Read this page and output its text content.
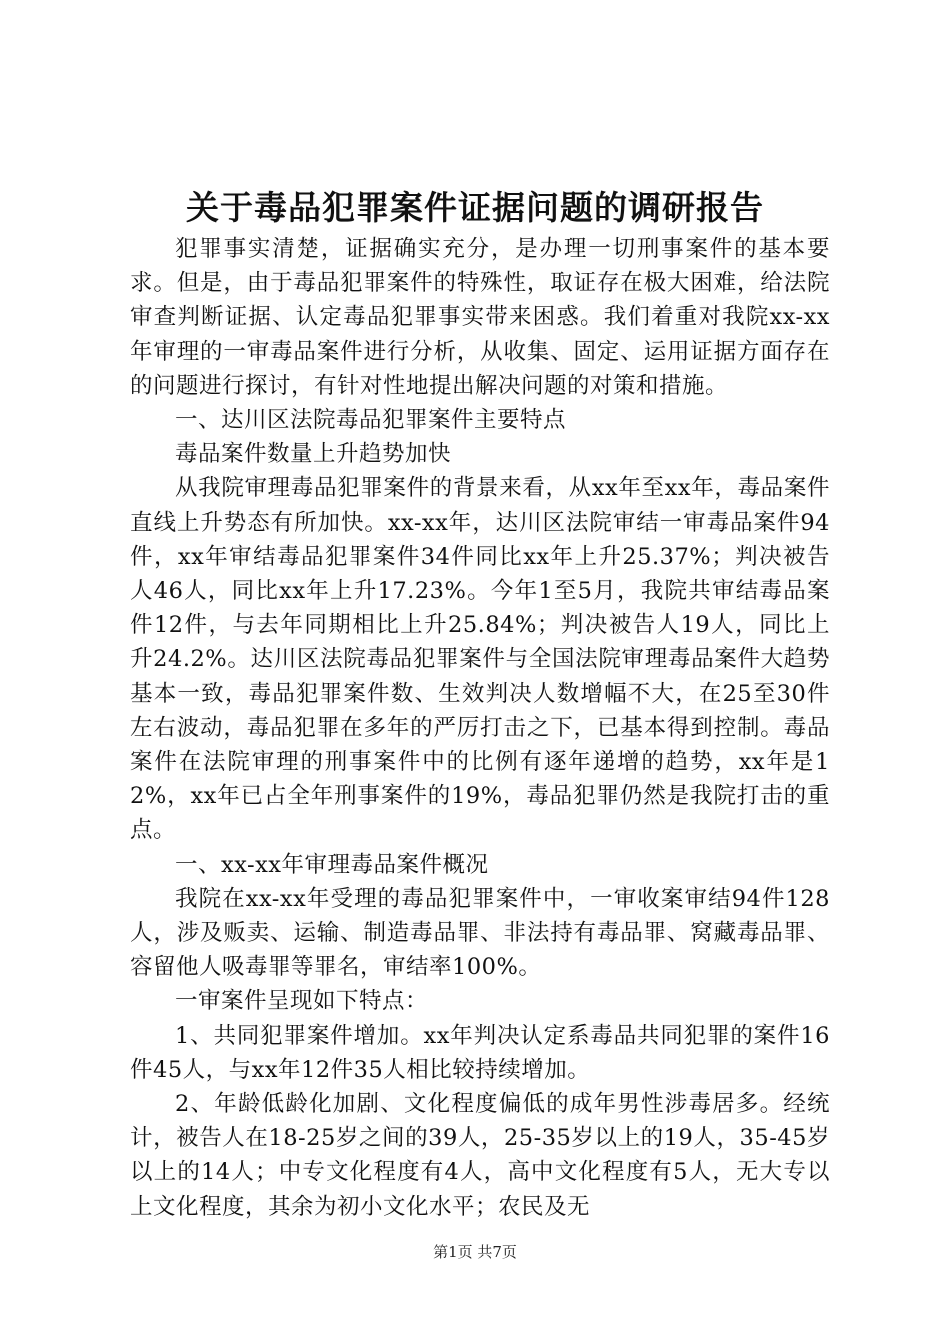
关于毒品犯罪案件证据问题的调研报告

犯罪事实清楚，证据确实充分，是办理一切刑事案件的基本要求。但是，由于毒品犯罪案件的特殊性，取证存在极大困难，给法院审查判断证据、认定毒品犯罪事实带来困惑。我们着重对我院xx-xx年审理的一审毒品案件进行分析，从收集、固定、运用证据方面存在的问题进行探讨，有针对性地提出解决问题的对策和措施。

一、达川区法院毒品犯罪案件主要特点

毒品案件数量上升趋势加快

从我院审理毒品犯罪案件的背景来看，从xx年至xx年，毒品案件直线上升势态有所加快。xx-xx年，达川区法院审结一审毒品案件94件，xx年审结毒品犯罪案件34件同比xx年上升25.37%；判决被告人46人，同比xx年上升17.23%。今年1至5月，我院共审结毒品案件12件，与去年同期相比上升25.84%；判决被告人19人，同比上升24.2%。达川区法院毒品犯罪案件与全国法院审理毒品案件大趋势基本一致，毒品犯罪案件数、生效判决人数增幅不大，在25至30件左右波动，毒品犯罪在多年的严厉打击之下，已基本得到控制。毒品案件在法院审理的刑事案件中的比例有逐年递增的趋势，xx年是12%，xx年已占全年刑事案件的19%，毒品犯罪仍然是我院打击的重点。

一、xx-xx年审理毒品案件概况

我院在xx-xx年受理的毒品犯罪案件中，一审收案审结94件128人，涉及贩卖、运输、制造毒品罪、非法持有毒品罪、窝藏毒品罪、容留他人吸毒罪等罪名，审结率100%。

一审案件呈现如下特点：

1、共同犯罪案件增加。xx年判决认定系毒品共同犯罪的案件16件45人，与xx年12件35人相比较持续增加。

2、年龄低龄化加剧、文化程度偏低的成年男性涉毒居多。经统计，被告人在18-25岁之间的39人，25-35岁以上的19人，35-45岁以上的14人；中专文化程度有4人，高中文化程度有5人，无大专以上文化程度，其余为初小文化水平；农民及无

第1页 共7页
